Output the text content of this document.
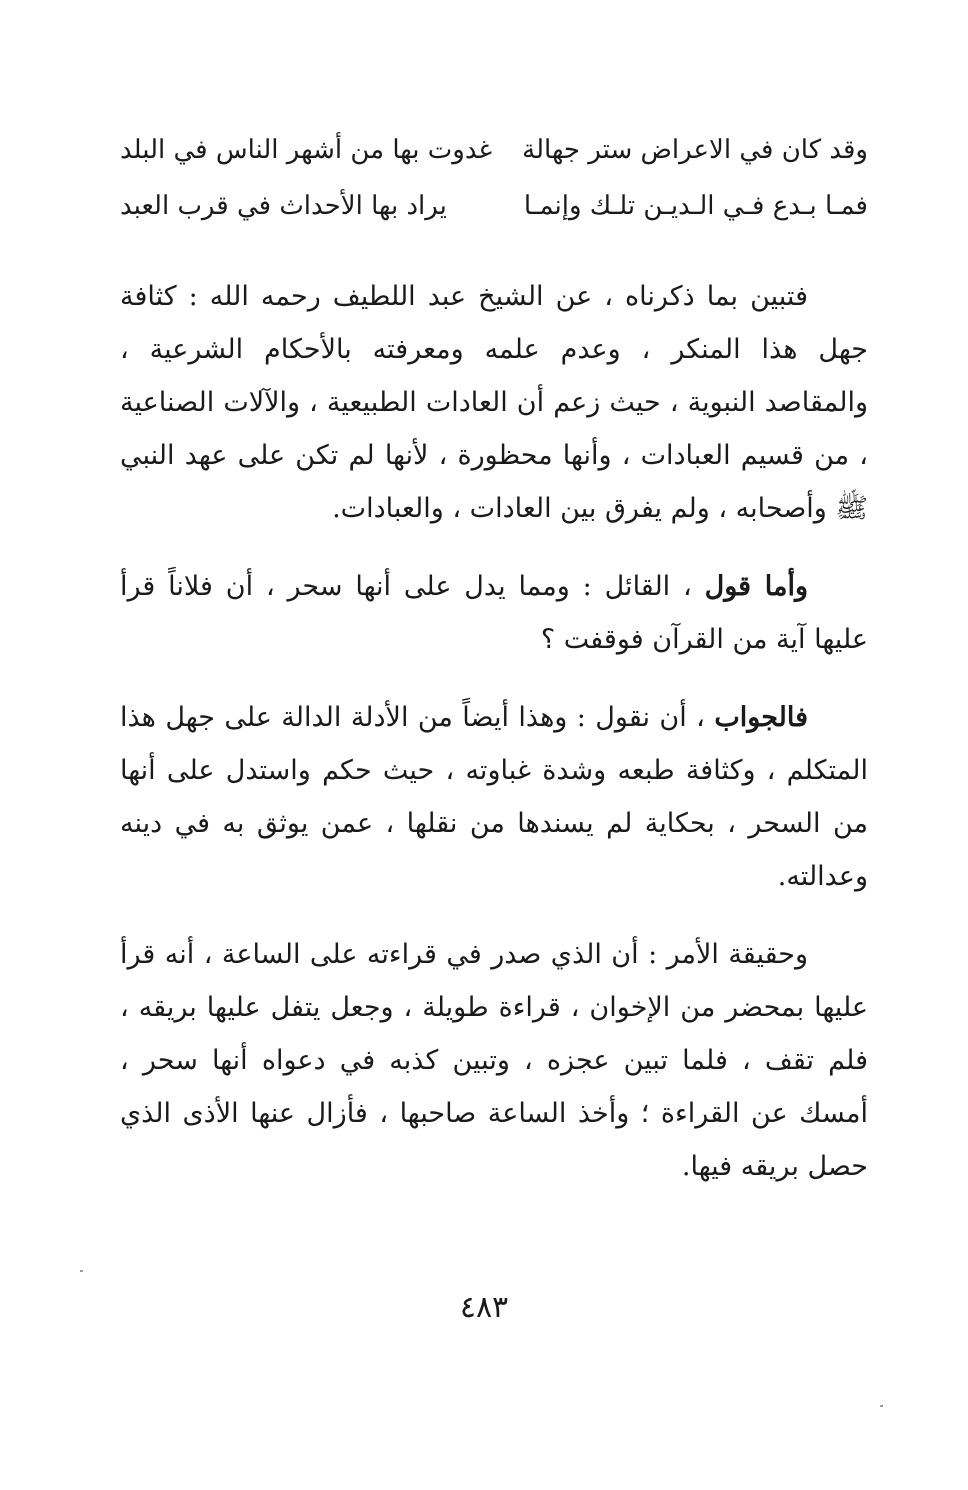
وقد كان في الاعراض ستر جهالة
غدوت بها من أشهر الناس في البلد
فمـا بـدع فـي الـديـن تلـك وإنمـا
يراد بها الأحداث في قرب العبد

فتبين بما ذكرناه ، عن الشيخ عبد اللطيف رحمه الله : كثافة جهل هذا المنكر ، وعدم علمه ومعرفته بالأحكام الشرعية ، والمقاصد النبوية ، حيث زعم أن العادات الطبيعية ، والآلات الصناعية ، من قسيم العبادات ، وأنها محظورة ، لأنها لم تكن على عهد النبي ﷺ وأصحابه ، ولم يفرق بين العادات ، والعبادات.

وأما قول ، القائل : ومما يدل على أنها سحر ، أن فلاناً قرأ عليها آية من القرآن فوقفت ؟

فالجواب ، أن نقول : وهذا أيضاً من الأدلة الدالة على جهل هذا المتكلم ، وكثافة طبعه وشدة غباوته ، حيث حكم واستدل على أنها من السحر ، بحكاية لم يسندها من نقلها ، عمن يوثق به في دينه وعدالته.

وحقيقة الأمر : أن الذي صدر في قراءته على الساعة ، أنه قرأ عليها بمحضر من الإخوان ، قراءة طويلة ، وجعل يتفل عليها بريقه ، فلم تقف ، فلما تبين عجزه ، وتبين كذبه في دعواه أنها سحر ، أمسك عن القراءة ؛ وأخذ الساعة صاحبها ، فأزال عنها الأذى الذي حصل بريقه فيها.

٤٨٣
